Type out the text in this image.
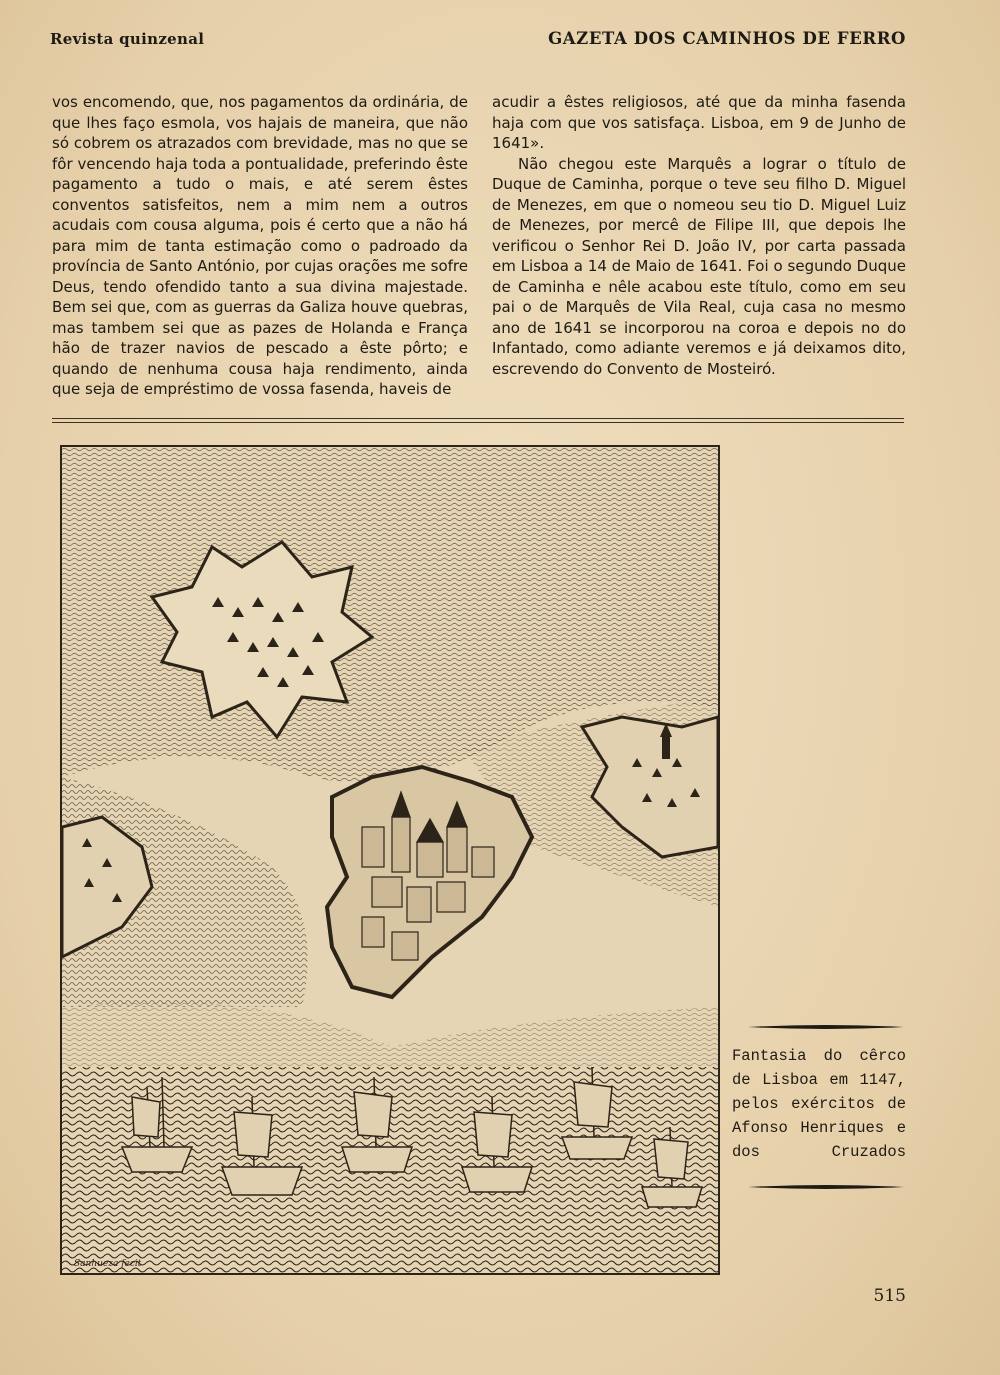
Revista quinzenal	GAZETA DOS CAMINHOS DE FERRO

vos encomendo, que, nos pagamentos da ordinária, de que lhes faço esmola, vos hajais de maneira, que não só cobrem os atrazados com brevidade, mas no que se fôr vencendo haja toda a pontualidade, preferindo êste pagamento a tudo o mais, e até serem êstes conventos satisfeitos, nem a mim nem a outros acudais com cousa alguma, pois é certo que a não há para mim de tanta estimação como o padroado da província de Santo António, por cujas orações me sofre Deus, tendo ofendido tanto a sua divina majestade. Bem sei que, com as guerras da Galiza houve quebras, mas tambem sei que as pazes de Holanda e França hão de trazer navios de pescado a êste pôrto; e quando de nenhuma cousa haja rendimento, ainda que seja de empréstimo de vossa fasenda, haveis de

acudir a êstes religiosos, até que da minha fasenda haja com que vos satisfaça. Lisboa, em 9 de Junho de 1641».

Não chegou este Marquês a lograr o título de Duque de Caminha, porque o teve seu filho D. Miguel de Menezes, em que o nomeou seu tio D. Miguel Luiz de Menezes, por mercê de Filipe III, que depois lhe verificou o Senhor Rei D. João IV, por carta passada em Lisboa a 14 de Maio de 1641. Foi o segundo Duque de Caminha e nêle acabou este título, como em seu pai o de Marquês de Vila Real, cuja casa no mesmo ano de 1641 se incorporou na coroa e depois no do Infantado, como adiante veremos e já deixamos dito, escrevendo do Convento de Mosteiró.

Sanhueza fecit
Fantasia do cêrco de Lisboa em 1147, pelos exércitos de Afonso Henriques e dos Cruzados
515
